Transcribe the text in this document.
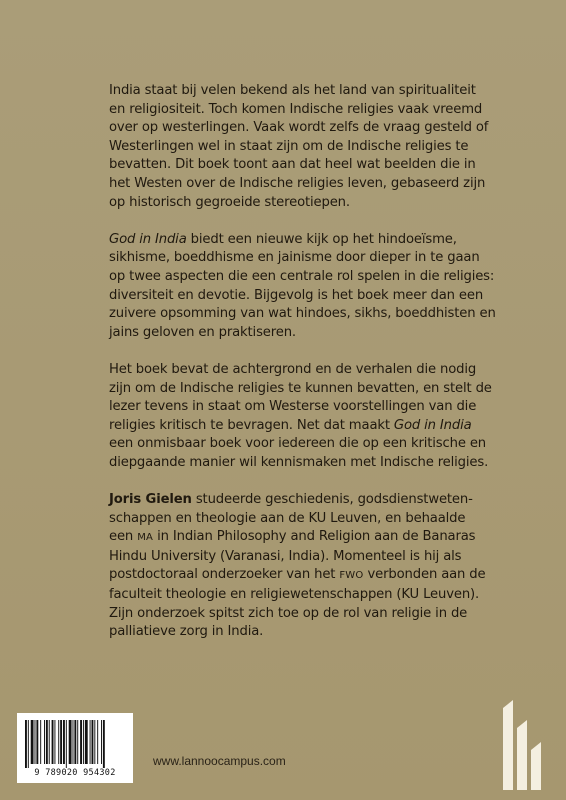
India staat bij velen bekend als het land van spiritualiteit
en religiositeit. Toch komen Indische religies vaak vreemd
over op westerlingen. Vaak wordt zelfs de vraag gesteld of
Westerlingen wel in staat zijn om de Indische religies te
bevatten. Dit boek toont aan dat heel wat beelden die in
het Westen over de Indische religies leven, gebaseerd zijn
op historisch gegroeide stereotiepen.

God in India biedt een nieuwe kijk op het hindoeïsme,
sikhisme, boeddhisme en jainisme door dieper in te gaan
op twee aspecten die een centrale rol spelen in die religies:
diversiteit en devotie. Bijgevolg is het boek meer dan een
zuivere opsomming van wat hindoes, sikhs, boeddhisten en
jains geloven en praktiseren.

Het boek bevat de achtergrond en de verhalen die nodig
zijn om de Indische religies te kunnen bevatten, en stelt de
lezer tevens in staat om Westerse voorstellingen van die
religies kritisch te bevragen. Net dat maakt God in India
een onmisbaar boek voor iedereen die op een kritische en
diepgaande manier wil kennismaken met Indische religies.

Joris Gielen studeerde geschiedenis, godsdienstweten-
schappen en theologie aan de KU Leuven, en behaalde
een MA in Indian Philosophy and Religion aan de Banaras
Hindu University (Varanasi, India). Momenteel is hij als
postdoctoraal onderzoeker van het FWO verbonden aan de
faculteit theologie en religiewetenschappen (KU Leuven).
Zijn onderzoek spitst zich toe op de rol van religie in de
palliatieve zorg in India.

9 789020 954302
www.lannoocampus.com
